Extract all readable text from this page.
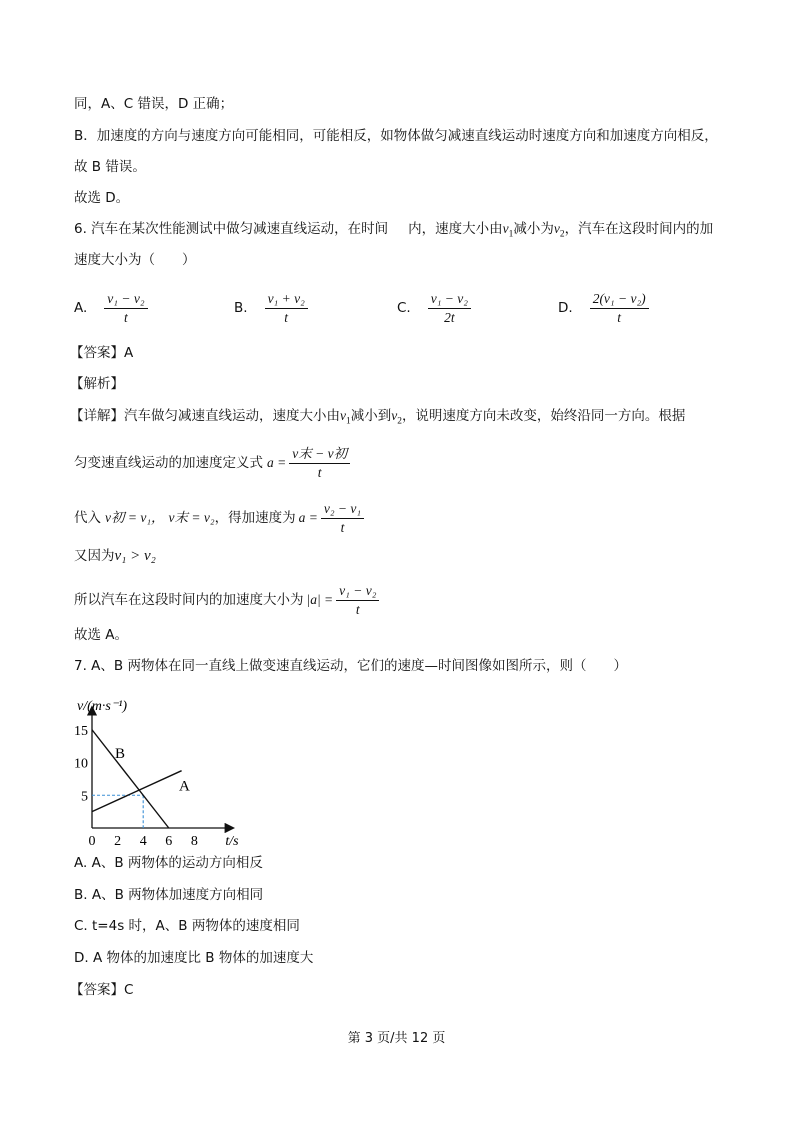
同，A、C 错误，D 正确；
B．加速度的方向与速度方向可能相同，可能相反，如物体做匀减速直线运动时速度方向和加速度方向相反，
故 B 错误。
故选 D。
6. 汽车在某次性能测试中做匀减速直线运动，在时间 内，速度大小由$v_1$减小为$v_2$，汽车在这段时间内的加
速度大小为（　　）
A. $\frac{\text{v₁ − v₂}}{t}$	B. $\frac{\text{v₁ + v₂}}{t}$	C. $\frac{\text{v₁ − v₂}}{2t}$	D. $\frac{\text{2(v₁ − v₂)}}{t}$
【答案】A
【解析】
【详解】汽车做匀减速直线运动，速度大小由$v_1$减小到$v_2$，说明速度方向未改变，始终沿同一方向。根据
匀变速直线运动的加速度定义式 $a = \frac{\text{v末 − v初}}{t}$
代入 v初 = v₁， v末 = v₂ ，得加速度为 $a = \frac{\text{v₂ − v₁}}{t}$
又因为v₁ > v₂
所以汽车在这段时间内的加速度大小为 $|a| = \frac{\text{v₁ − v₂}}{t}$
故选 A。
7. A、B 两物体在同一直线上做变速直线运动，它们的速度—时间图像如图所示，则（　　）
B
A
0 2 4 6 8
5
10
15
v/(m·s⁻¹)
t/s
A. A、B 两物体的运动方向相反
B. A、B 两物体加速度方向相同
C. t=4s 时，A、B 两物体的速度相同
D. A 物体的加速度比 B 物体的加速度大
【答案】C
第 3 页/共 12 页
